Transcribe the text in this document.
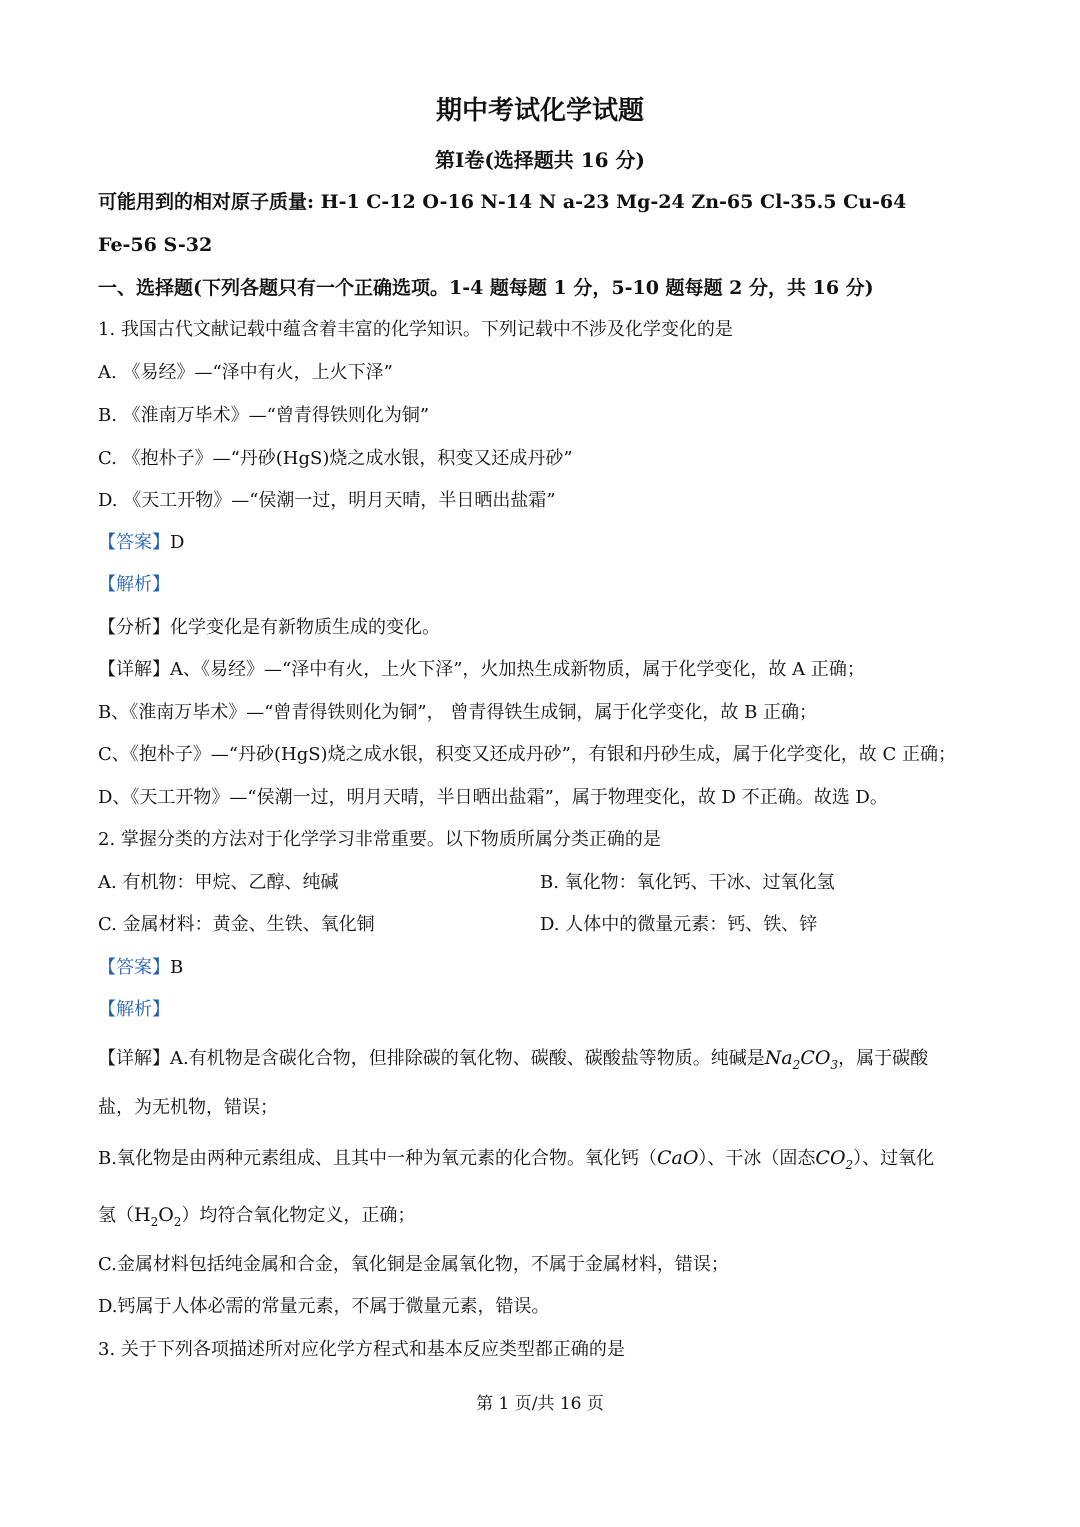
期中考试化学试题
第Ⅰ卷(选择题共 16 分)
可能用到的相对原子质量: H-1 C-12 O-16 N-14 N a-23 Mg-24 Zn-65 Cl-35.5 Cu-64
Fe-56 S-32
一、选择题(下列各题只有一个正确选项。1-4 题每题 1 分，5-10 题每题 2 分，共 16 分)
1. 我国古代文献记载中蕴含着丰富的化学知识。下列记载中不涉及化学变化的是
A. 《易经》—“泽中有火，上火下泽”
B. 《淮南万毕术》—“曾青得铁则化为铜”
C. 《抱朴子》—“丹砂(HgS)烧之成水银，积变又还成丹砂”
D. 《天工开物》—“侯潮一过，明月天晴，半日晒出盐霜”
【答案】D
【解析】
【分析】化学变化是有新物质生成的变化。
【详解】A、《易经》—“泽中有火，上火下泽”，火加热生成新物质，属于化学变化，故 A 正确；
B、《淮南万毕术》—“曾青得铁则化为铜”， 曾青得铁生成铜，属于化学变化，故 B 正确；
C、《抱朴子》—“丹砂(HgS)烧之成水银，积变又还成丹砂”，有银和丹砂生成，属于化学变化，故 C 正确；
D、《天工开物》—“侯潮一过，明月天晴，半日晒出盐霜”，属于物理变化，故 D 不正确。故选 D。
2. 掌握分类的方法对于化学学习非常重要。以下物质所属分类正确的是
A. 有机物：甲烷、乙醇、纯碱	B. 氧化物：氧化钙、干冰、过氧化氢
C. 金属材料：黄金、生铁、氧化铜	D. 人体中的微量元素：钙、铁、锌
【答案】B
【解析】
【详解】A.有机物是含碳化合物，但排除碳的氧化物、碳酸、碳酸盐等物质。纯碱是$Na_2CO_3$，属于碳酸
盐，为无机物，错误；
B.氧化物是由两种元素组成、且其中一种为氧元素的化合物。氧化钙（CaO）、干冰（固态$CO_2$）、过氧化
氢$(H_2O_2)$均符合氧化物定义，正确；
C.金属材料包括纯金属和合金，氧化铜是金属氧化物，不属于金属材料，错误；
D.钙属于人体必需的常量元素，不属于微量元素，错误。
3. 关于下列各项描述所对应化学方程式和基本反应类型都正确的是
第 1 页/共 16 页
